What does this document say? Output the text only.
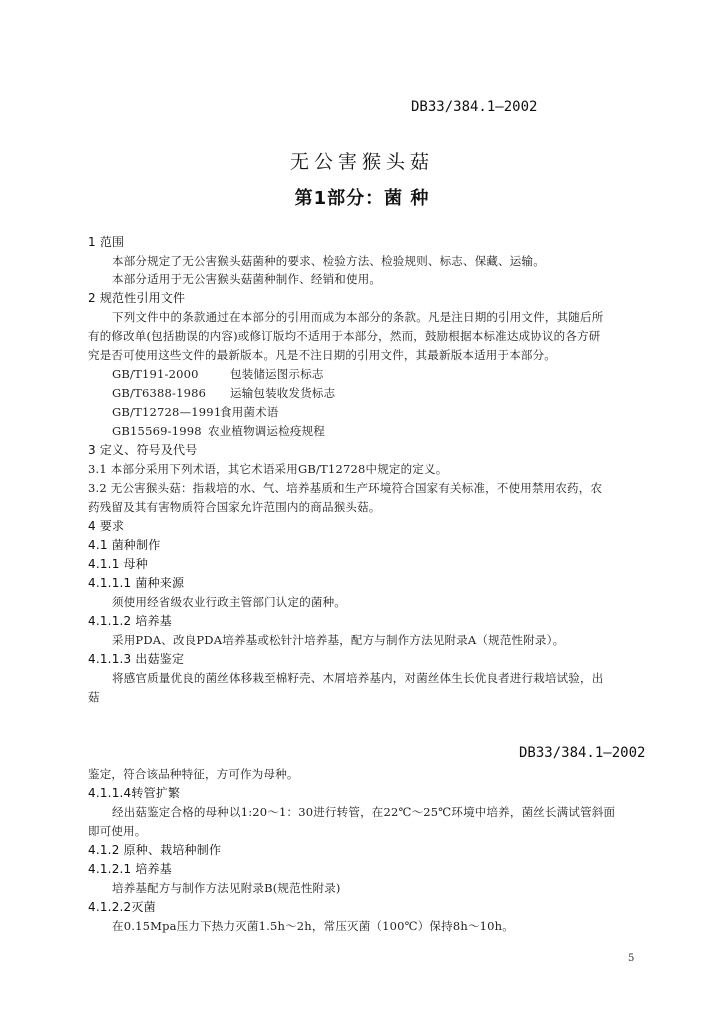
DB33/384.1—2002
无公害猴头菇
第1部分：菌 种
1 范围
本部分规定了无公害猴头菇菌种的要求、检验方法、检验规则、标志、保藏、运输。
本部分适用于无公害猴头菇菌种制作、经销和使用。
2 规范性引用文件
下列文件中的条款通过在本部分的引用而成为本部分的条款。凡是注日期的引用文件，其随后所
有的修改单(包括勘误的内容)或修订版均不适用于本部分，然而，鼓励根据本标准达成协议的各方研
究是否可使用这些文件的最新版本。凡是不注日期的引用文件，其最新版本适用于本部分。
GB/T191-2000	包装储运图示标志
GB/T6388-1986 运输包装收发货标志
GB/T12728—1991食用菌术语
GB15569-1998 农业植物调运检疫规程
3 定义、符号及代号
3.1 本部分采用下列术语，其它术语采用GB/T12728中规定的定义。
3.2 无公害猴头菇：指栽培的水、气、培养基质和生产环境符合国家有关标准，不使用禁用农药，农
药残留及其有害物质符合国家允许范围内的商品猴头菇。
4 要求
4.1 菌种制作
4.1.1 母种
4.1.1.1 菌种来源
须使用经省级农业行政主管部门认定的菌种。
4.1.1.2 培养基
采用PDA、改良PDA培养基或松针汁培养基，配方与制作方法见附录A（规范性附录）。
4.1.1.3 出菇鉴定
将感官质量优良的菌丝体移栽至棉籽壳、木屑培养基内，对菌丝体生长优良者进行栽培试验，出
菇
DB33/384.1—2002
鉴定，符合该品种特征，方可作为母种。
4.1.1.4转管扩繁
经出菇鉴定合格的母种以1:20～1：30进行转管，在22℃～25℃环境中培养，菌丝长满试管斜面
即可使用。
4.1.2 原种、栽培种制作
4.1.2.1 培养基
培养基配方与制作方法见附录B(规范性附录)
4.1.2.2灭菌
在0.15Mpa压力下热力灭菌1.5h～2h，常压灭菌（100℃）保持8h～10h。
5
